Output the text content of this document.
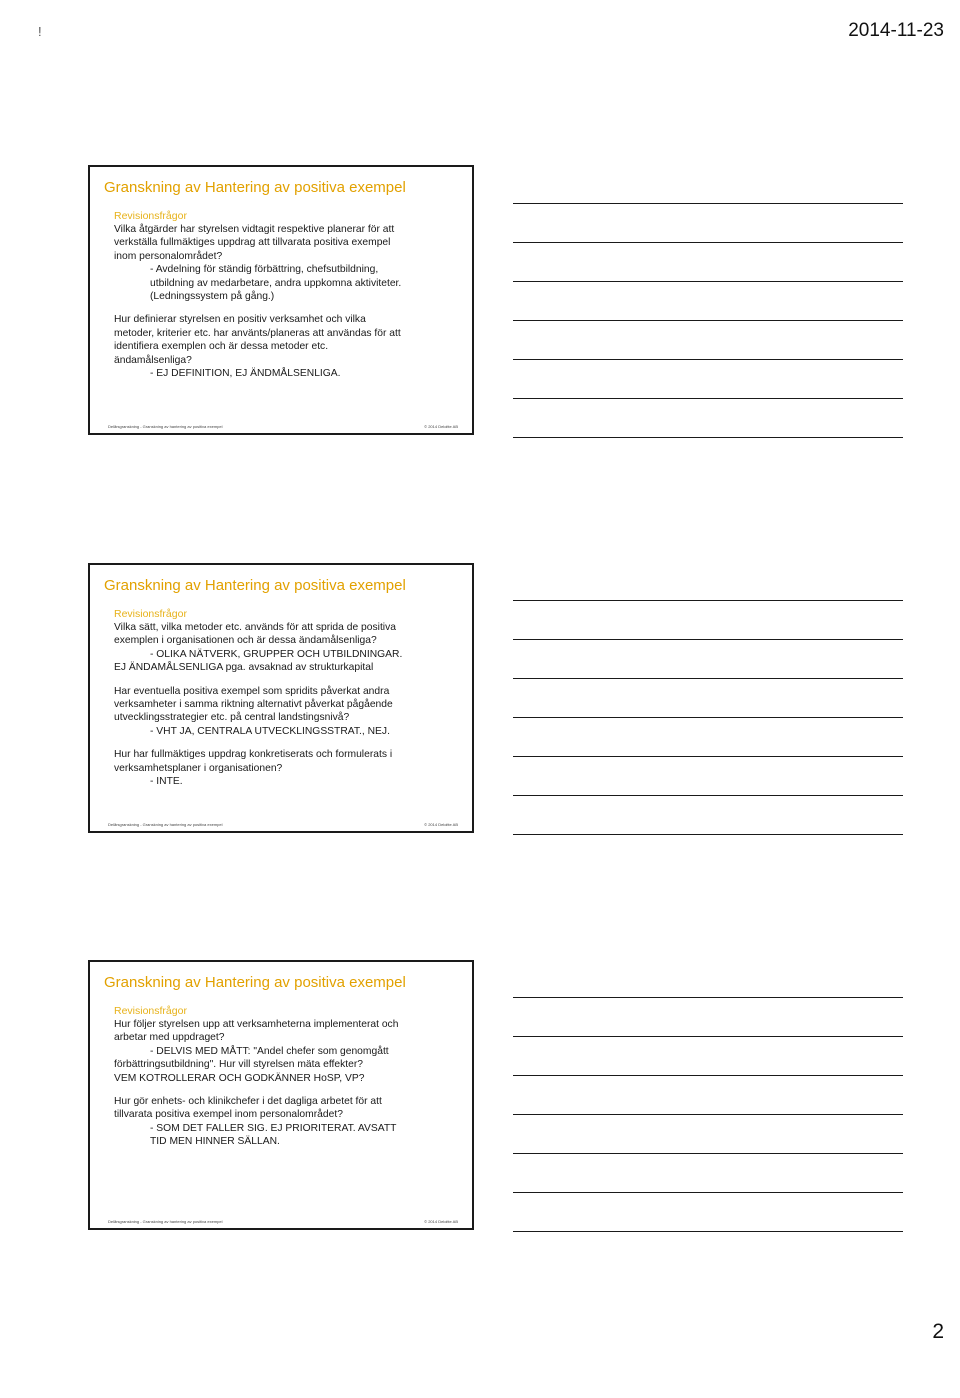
!	2014-11-23
Granskning av Hantering av positiva exempel
Revisionsfrågor

Vilka åtgärder har styrelsen vidtagit respektive planerar för att
verkställa fullmäktiges uppdrag att tillvarata positiva exempel
inom personalområdet?
- Avdelning för ständig förbättring, chefsutbildning,
utbildning av medarbetare, andra uppkomna aktiviteter.
(Ledningssystem på gång.)

Hur definierar styrelsen en positiv verksamhet och vilka
metoder, kriterier etc. har använts/planeras att användas för att
identifiera exemplen och är dessa metoder etc.
ändamålsenliga?
- EJ DEFINITION, EJ ÄNDMÅLSENLIGA.

Delårsgranskning - Granskning av hantering av positiva exempel	© 2014 Deloitte AB
Granskning av Hantering av positiva exempel
Revisionsfrågor

Vilka sätt, vilka metoder etc. används för att sprida de positiva
exemplen i organisationen och är dessa ändamålsenliga?
- OLIKA NÄTVERK, GRUPPER OCH UTBILDNINGAR.
EJ ÄNDAMÅLSENLIGA pga. avsaknad av strukturkapital

Har eventuella positiva exempel som spridits påverkat andra
verksamheter i samma riktning alternativt påverkat pågående
utvecklingsstrategier etc. på central landstingsnivå?
- VHT JA, CENTRALA UTVECKLINGSSTRAT., NEJ.

Hur har fullmäktiges uppdrag konkretiserats och formulerats i
verksamhetsplaner i organisationen?
- INTE.

Delårsgranskning - Granskning av hantering av positiva exempel	© 2014 Deloitte AB
Granskning av Hantering av positiva exempel
Revisionsfrågor

Hur följer styrelsen upp att verksamheterna implementerat och
arbetar med uppdraget?
- DELVIS MED MÅTT: "Andel chefer som genomgått
förbättringsutbildning". Hur vill styrelsen mäta effekter?
VEM KOTROLLERAR OCH GODKÄNNER HoSP, VP?

Hur gör enhets- och klinikchefer i det dagliga arbetet för att
tillvarata positiva exempel inom personalområdet?
- SOM DET FALLER SIG. EJ PRIORITERAT. AVSATT
TID MEN HINNER SÄLLAN.

Delårsgranskning - Granskning av hantering av positiva exempel	© 2014 Deloitte AB
2
